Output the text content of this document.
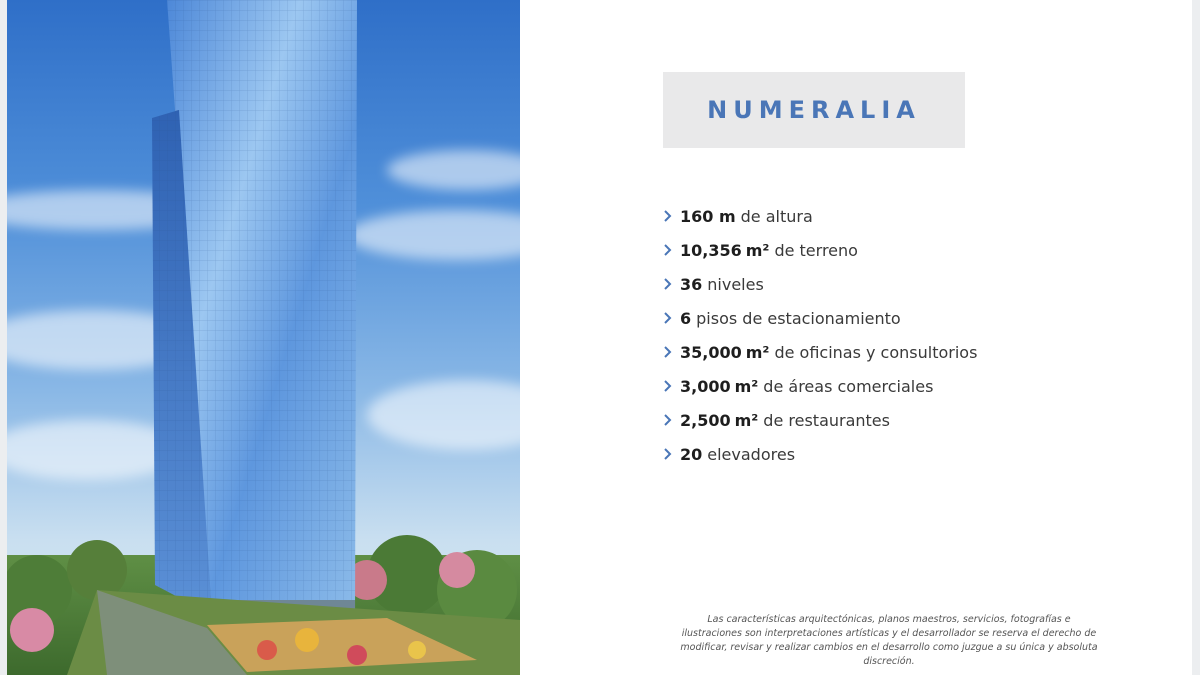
NUMERALIA
160 m de altura
10,356 m² de terreno
36 niveles
6 pisos de estacionamiento
35,000 m² de oficinas y consultorios
3,000 m² de áreas comerciales
2,500 m² de restaurantes
20 elevadores

Las características arquitectónicas, planos maestros, servicios, fotografías e ilustraciones son interpretaciones artísticas y el desarrollador se reserva el derecho de modificar, revisar y realizar cambios en el desarrollo como juzgue a su única y absoluta discreción.
